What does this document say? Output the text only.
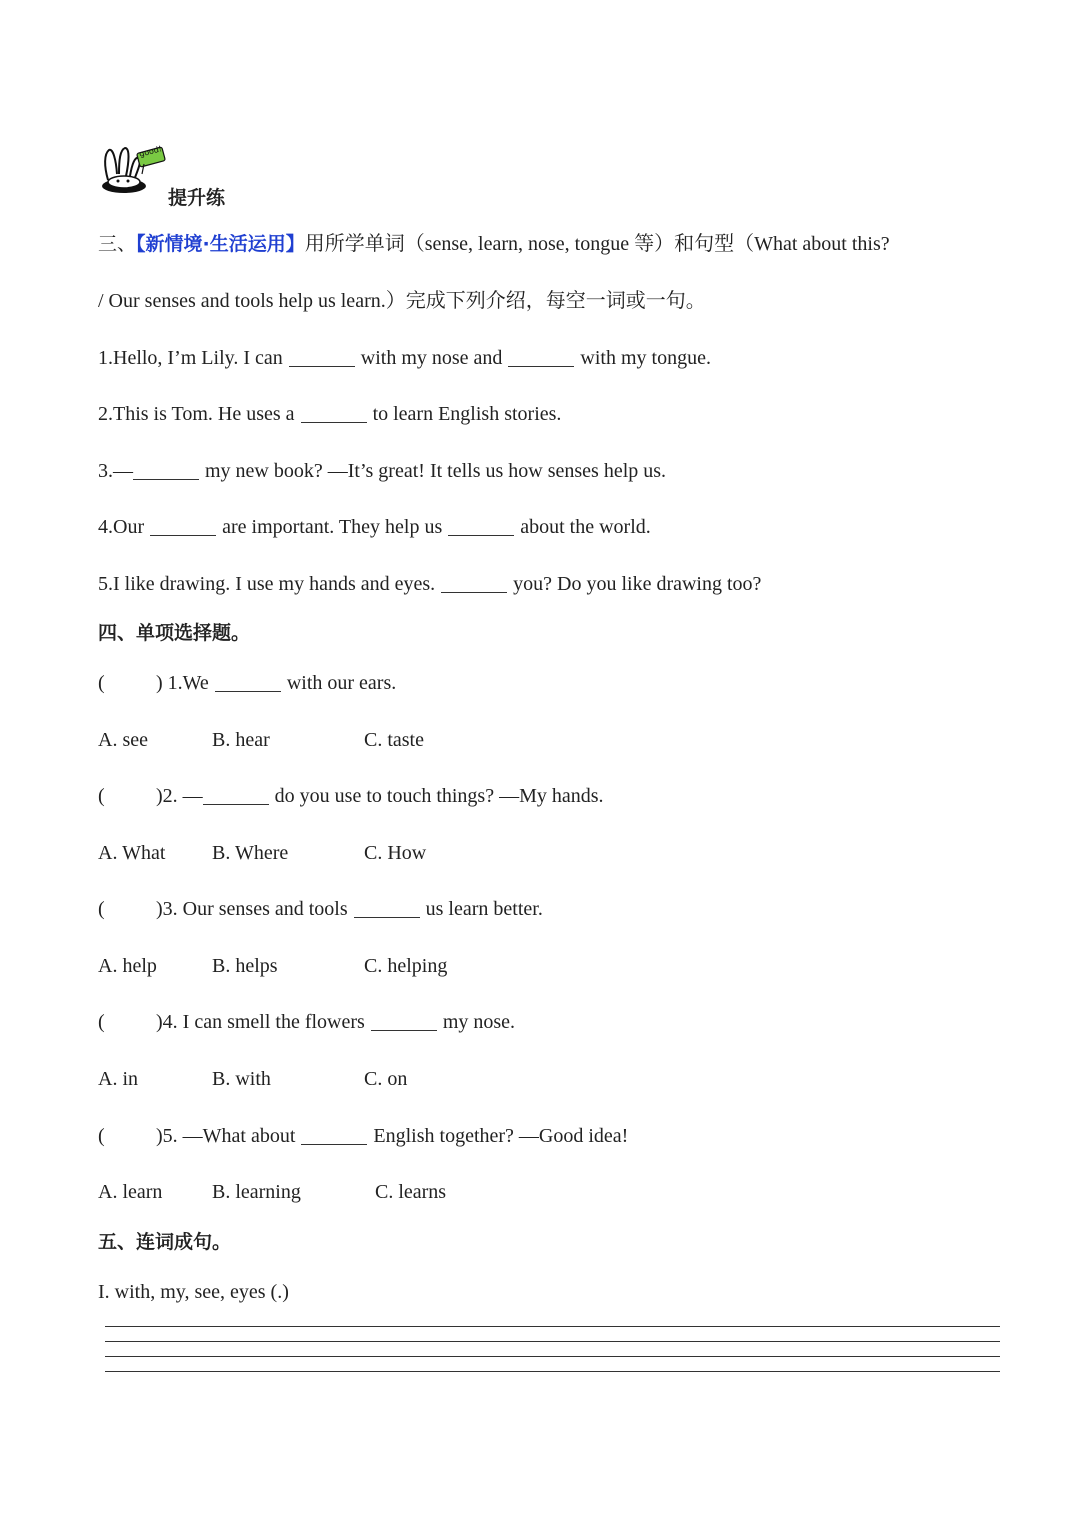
good!
提升练
三、【新情境·生活运用】用所学单词（sense, learn, nose, tongue 等）和句型（What about this?
/ Our senses and tools help us learn.）完成下列介绍，每空一词或一句。
1.Hello, I’m Lily. I can	with my nose and	with my tongue.
2.This is Tom. He uses a	to learn English stories.
3.—	my new book? —It’s great! It tells us how senses help us.
4.Our	are important. They help us	about the world.
5.I like drawing. I use my hands and eyes.	you? Do you like drawing too?
四、单项选择题。
(	) 1.We	with our ears.
A. see	B. hear	C. taste
(	)2. —	do you use to touch things? —My hands.
A. What B. Where	C. How
(	)3. Our senses and tools	us learn better.
A. help	B. helps	C. helping
(	)4. I can smell the flowers	my nose.
A. in	B. with	C. on
(	)5. —What about	English together? —Good idea!
A. learn B. learning	C. learns
五、连词成句。
I. with, my, see, eyes (.)
